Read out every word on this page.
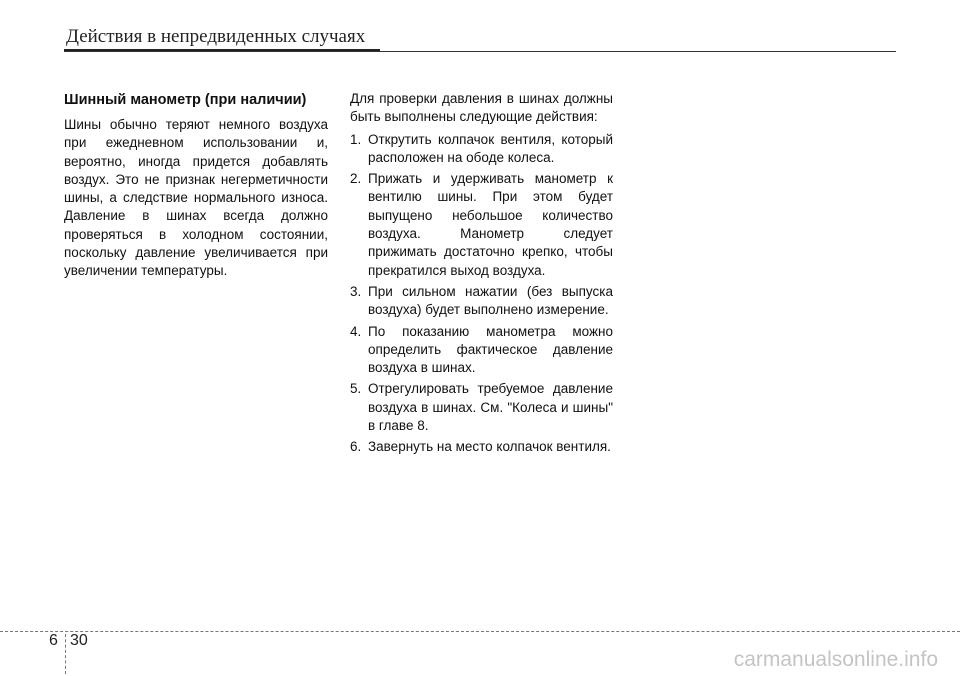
Действия в непредвиденных случаях
Шинный манометр (при наличии)

Шины обычно теряют немного воздуха при ежедневном использовании и, вероятно, иногда придется добавлять воздух. Это не признак негерметичности шины, а следствие нормального износа. Давление в шинах всегда должно проверяться в холодном состоянии, поскольку давление увеличивается при увеличении температуры.

Для проверки давления в шинах должны быть выполнены следующие действия:

1. Открутить колпачок вентиля, который расположен на ободе колеса.
2. Прижать и удерживать манометр к вентилю шины. При этом будет выпущено небольшое количество воздуха. Манометр следует прижимать достаточно крепко, чтобы прекратился выход воздуха.
3. При сильном нажатии (без выпуска воздуха) будет выполнено измерение.
4. По показанию манометра можно определить фактическое давление воздуха в шинах.
5. Отрегулировать требуемое давление воздуха в шинах. См. "Колеса и шины" в главе 8.
6. Завернуть на место колпачок вентиля.
6 30
carmanualsonline.info
